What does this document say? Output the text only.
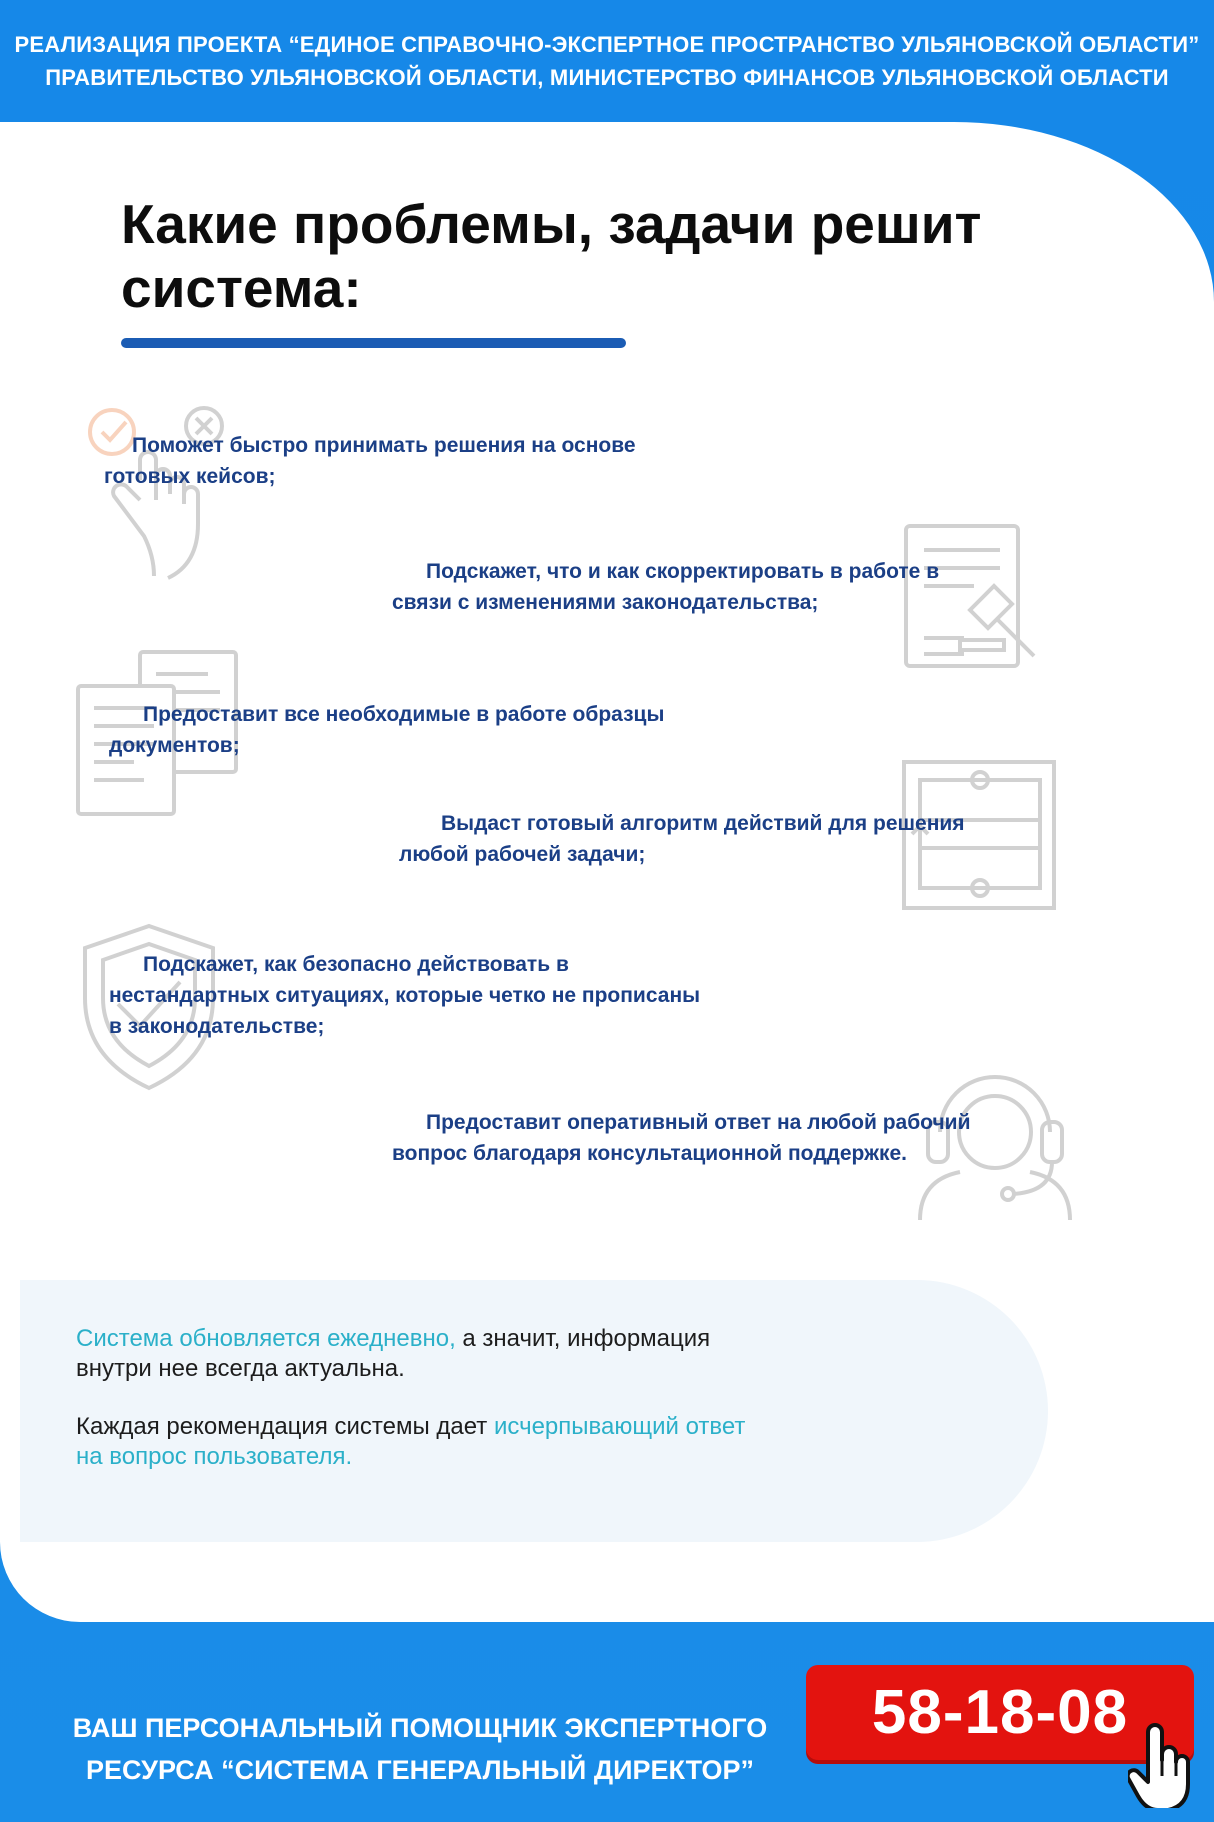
РЕАЛИЗАЦИЯ ПРОЕКТА “ЕДИНОЕ СПРАВОЧНО-ЭКСПЕРТНОЕ ПРОСТРАНСТВО УЛЬЯНОВСКОЙ ОБЛАСТИ”
ПРАВИТЕЛЬСТВО УЛЬЯНОВСКОЙ ОБЛАСТИ, МИНИСТЕРСТВО ФИНАНСОВ УЛЬЯНОВСКОЙ ОБЛАСТИ
Какие проблемы, задачи решит
система:

Поможет быстро принимать решения на основе

готовых кейсов;

Подскажет, что и как скорректировать в работе в

связи с изменениями законодательства;

Предоставит все необходимые в работе образцы

документов;

Выдаст готовый алгоритм действий для решения

любой рабочей задачи;

Подскажет, как безопасно действовать в

нестандартных ситуациях, которые четко не прописаны

в законодательстве;

Предоставит оперативный ответ на любой рабочий

вопрос благодаря консультационной поддержке.

Система обновляется ежедневно, а значит, информация
внутри нее всегда актуальна.
Каждая рекомендация системы дает исчерпывающий ответ
на вопрос пользователя.
ВАШ ПЕРСОНАЛЬНЫЙ ПОМОЩНИК ЭКСПЕРТНОГО
РЕСУРСА “СИСТЕМА ГЕНЕРАЛЬНЫЙ ДИРЕКТОР”
58-18-08
